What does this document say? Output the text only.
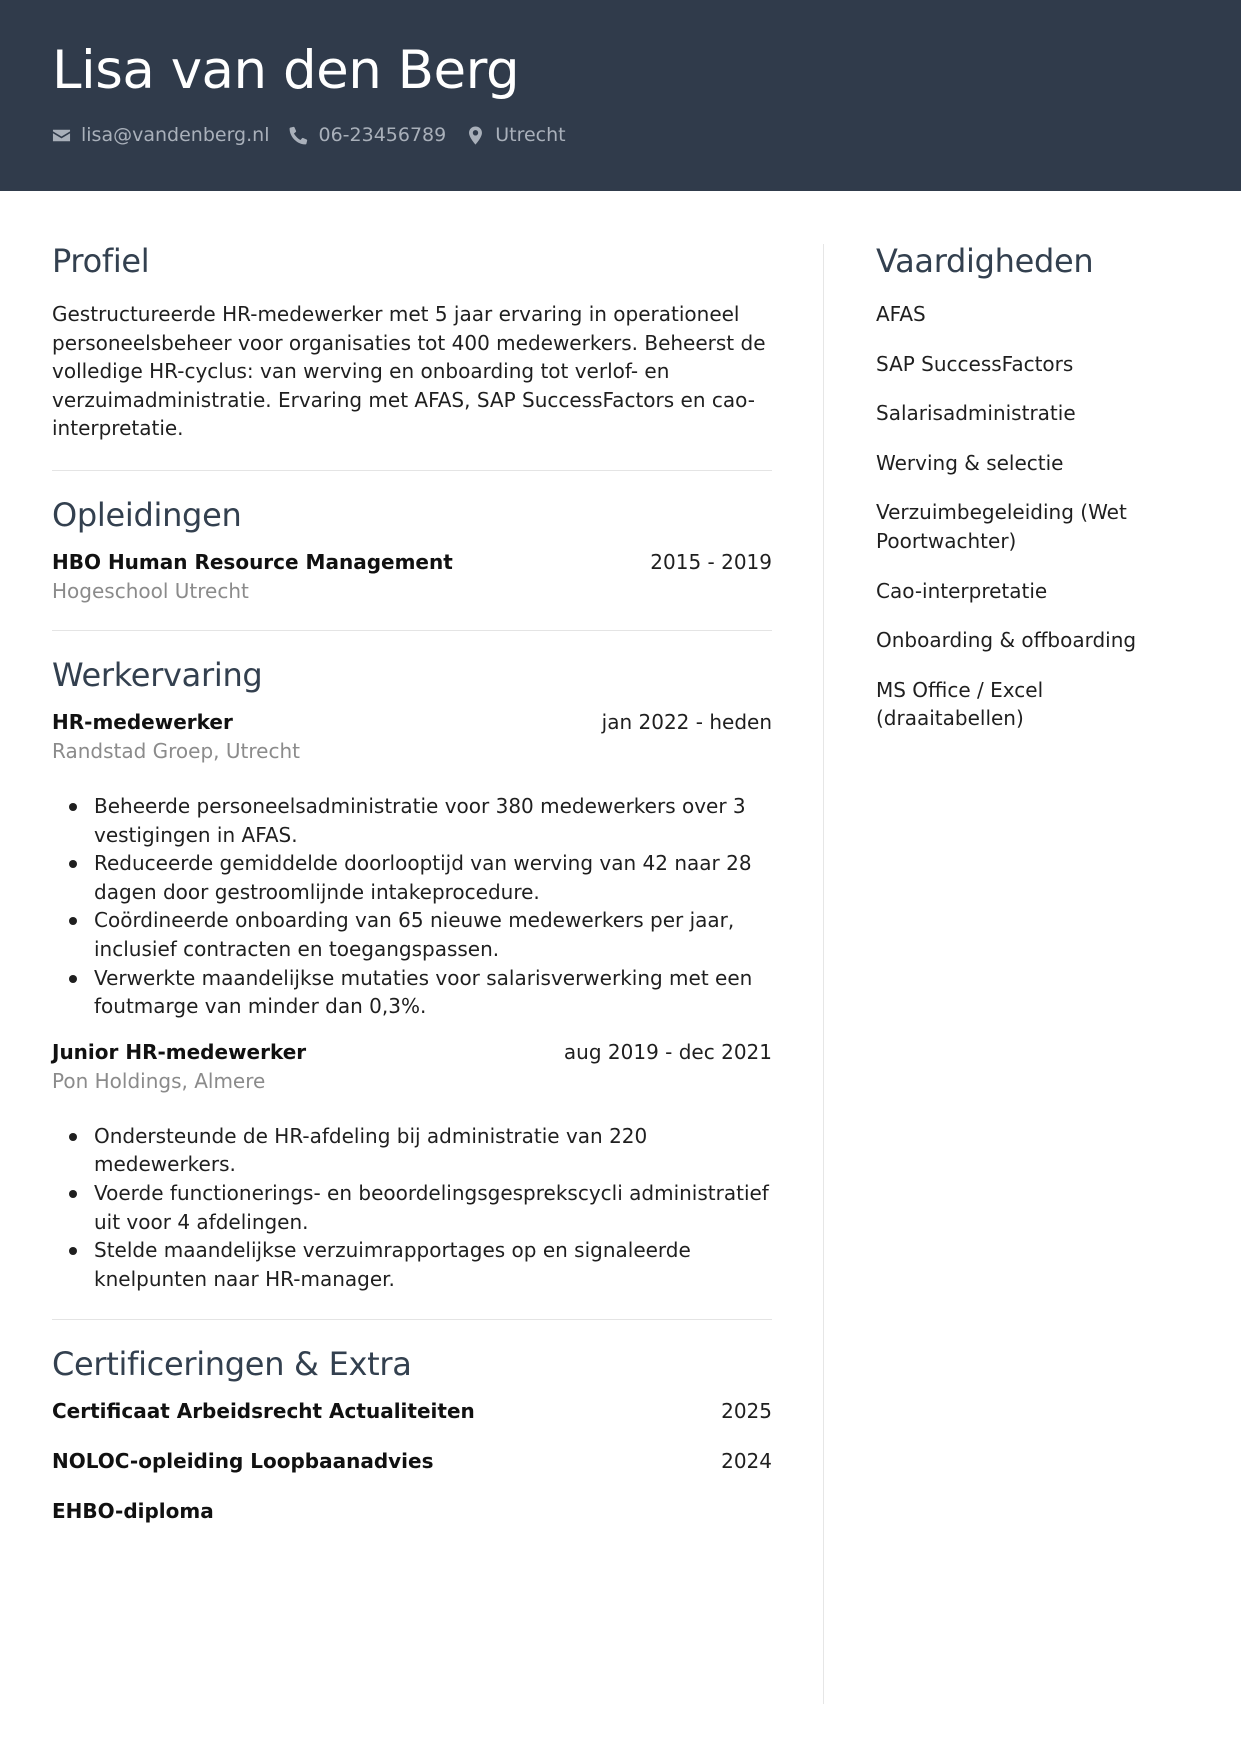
Lisa van den Berg
lisa@vandenberg.nl	06-23456789	Utrecht
Profiel

Gestructureerde HR-medewerker met 5 jaar ervaring in operationeel personeelsbeheer voor organisaties tot 400 medewerkers. Beheerst de volledige HR-cyclus: van werving en onboarding tot verlof- en verzuimadministratie. Ervaring met AFAS, SAP SuccessFactors en cao-interpretatie.

Opleidingen
HBO Human Resource Management	2015 - 2019
Hogeschool Utrecht
Werkervaring
HR-medewerker	jan 2022 - heden
Randstad Groep, Utrecht
Beheerde personeelsadministratie voor 380 medewerkers over 3 vestigingen in AFAS.
Reduceerde gemiddelde doorlooptijd van werving van 42 naar 28 dagen door gestroomlijnde intakeprocedure.
Coördineerde onboarding van 65 nieuwe medewerkers per jaar, inclusief contracten en toegangspassen.
Verwerkte maandelijkse mutaties voor salarisverwerking met een foutmarge van minder dan 0,3%.
Junior HR-medewerker	aug 2019 - dec 2021
Pon Holdings, Almere
Ondersteunde de HR-afdeling bij administratie van 220 medewerkers.
Voerde functionerings- en beoordelingsgesprekscycli administratief uit voor 4 afdelingen.
Stelde maandelijkse verzuimrapportages op en signaleerde knelpunten naar HR-manager.
Certificeringen & Extra
Certificaat Arbeidsrecht Actualiteiten	2025
NOLOC-opleiding Loopbaanadvies	2024
EHBO-diploma
Vaardigheden
AFAS
SAP SuccessFactors
Salarisadministratie
Werving & selectie
Verzuimbegeleiding (Wet Poortwachter)
Cao-interpretatie
Onboarding & offboarding
MS Office / Excel (draaitabellen)
